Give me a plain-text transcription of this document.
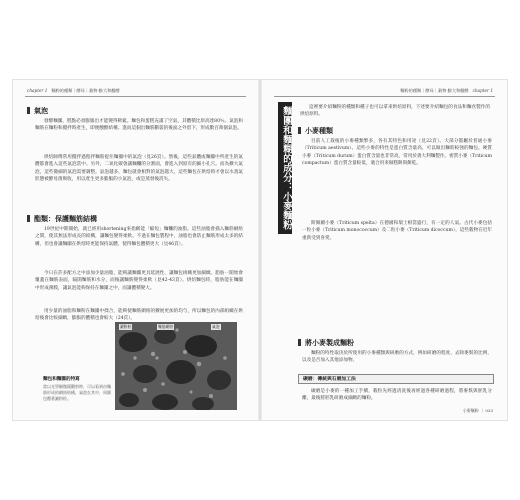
chapter 1 麵粉的種類｜酵母｜穀物·膨大和醱酵
氣泡
發酵麵團、糕點必須膨脹出才能變得軟鬆。麵包和蛋糕充滿了空氣，其體積比原高達80％。氣泡和麵筋在麵粉和攪拌時產生，即便醱酵結構。進而這個出麵筋斷裂的後面之外留下，形成數百萬個氣泡。
烘焙師傅常用攪拌過程拌麵筋捉住麵團中的氣泡（見26頁）。然後，這些氣體或麵團中所產生的氣體都會進入這些氣泡當中。另外，二氧化碳會讓麵糰的分割面，會進入到原有的細小孔穴。而為擴大氣泡，這些微細的氣泡需要調整。氣泡越多，麵包就會相對的氣泡越大。這些麵包在烘焙時才會以水蒸氣狀態被酵母菌吸收，用以產生更多膨脹的小氣泡，或是蒸發後消失。
酯類：保護麵筋結構
19世紀中期開始，就已經用shortening來指稱能「縮短」麵糰的油脂。這些油脂會插入麵筋網絡之間，使其無法形成長的結構，讓麵包變得柔軟。不過在麵包製程中，油脂也會防止麵筋形成太多的結構，但也會讓麵團在烘焙時更能保持氣體，使得麵包體積更大（見46頁）。
今日在許多配方之中添加少量油脂，能夠讓麵團更具延展性，讓麵包組織更加細緻。脂肪一開始會覆蓋在麵筋表面，隔開麵筋和水分，而後讓麵筋變得柔軟（見42-43頁）。烘焙麵包時，脂肪能在麵團中形成薄膜，讓氣泡能夠保持在麵團之中，而讓體積變大。
澱粉粒	麵筋網絡	氣泡
麵包和麵團的特寫
當以光學顯微鏡觀察時，可以看到由麵筋形成的網絡結構，氣泡在其中，周圍包覆著澱粉粒。
用少量的油脂和麵粉在麵團中揉合，能夠使麵筋網絡的擴展更加的均勻，所以麵包的內部組織在烘焙後會比較細緻，膨脹的體積也會較大（24頁）。
麵粉的種類｜酵母｜穀物·膨大和醱酵 chapter 1
麵團和麵糊的成分：小麥麵粉	這裡要介紹麵粉的種類和種子也可以拿來烘焙原料，下述要介紹麵包的食品和麵食製作的烘焙原料。
小麥種類
目前人工栽植的小麥種類繁多，各有其特色和用途（見22頁）。大部分都屬於普通小麥（Triticum aestivum）。這些小麥的特性是蛋白質含量高，可以做出麵筋較強的麵包。硬質小麥（Triticum durum）蛋白質含量也非常高，常用於義大利麵製作。密質小麥（Triticum compactum）蛋白質含量較低，適合用來做糕餅與餅乾。
斯佩爾小麥（Triticum spelta）在德國和瑞士相當盛行，有一定的人氣。古代小麥包括一粒小麥（Triticum monococcum）及二粒小麥（Triticum dicoccum），這些穀物在近年重新受到喜愛。
將小麥製成麵粉
麵粉的特性取決於所使用的小麥種類與研磨的方式，例如研磨的程度、去除麥麩的比例，以及是否加入其他添加物。
碾磨：傳統與石磨加工法
碾磨是小麥的一種加工手續，穀粒先經過清洗後再經過各種研磨過程，將麥麩與胚乳分離，最後將胚乳研磨成細緻的麵粉。
小麥麵粉 ｜ 033
